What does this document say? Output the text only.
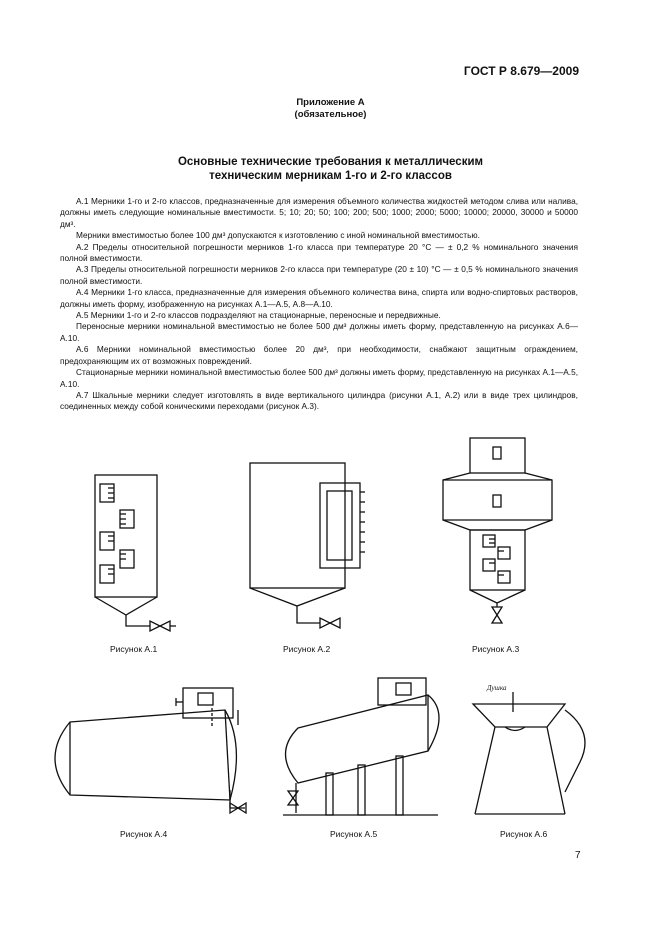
ГОСТ Р 8.679—2009
Приложение А
(обязательное)
Основные технические требования к металлическим
техническим мерникам 1-го и 2-го классов

А.1 Мерники 1-го и 2-го классов, предназначенные для измерения объемного количества жидкостей методом слива или налива, должны иметь следующие номинальные вместимости. 5; 10; 20; 50; 100; 200; 500; 1000; 2000; 5000; 10000; 20000, 30000 и 50000 дм³.

Мерники вместимостью более 100 дм³ допускаются к изготовлению с иной номинальной вместимостью.

А.2 Пределы относительной погрешности мерников 1-го класса при температуре 20 °С — ± 0,2 % номинального значения полной вместимости.

А.3 Пределы относительной погрешности мерников 2-го класса при температуре (20 ± 10) °С — ± 0,5 % номинального значения полной вместимости.

А.4 Мерники 1-го класса, предназначенные для измерения объемного количества вина, спирта или водно-спиртовых растворов, должны иметь форму, изображенную на рисунках А.1—А.5, А.8—А.10.

А.5 Мерники 1-го и 2-го классов подразделяют на стационарные, переносные и передвижные.

Переносные мерники номинальной вместимостью не более 500 дм³ должны иметь форму, представленную на рисунках А.6—А.10.

А.6 Мерники номинальной вместимостью более 20 дм³, при необходимости, снабжают защитным ограждением, предохраняющим их от возможных повреждений.

Стационарные мерники номинальной вместимостью более 500 дм³ должны иметь форму, представленную на рисунках А.1—А.5, А.10.

А.7 Шкальные мерники следует изготовлять в виде вертикального цилиндра (рисунки А.1, А.2) или в виде трех цилиндров, соединенных между собой коническими переходами (рисунок А.3).

Рисунок А.1	Рисунок А.2	Рисунок А.3
Рисунок А.4	Рисунок А.5
Душка
Рисунок А.6
7
